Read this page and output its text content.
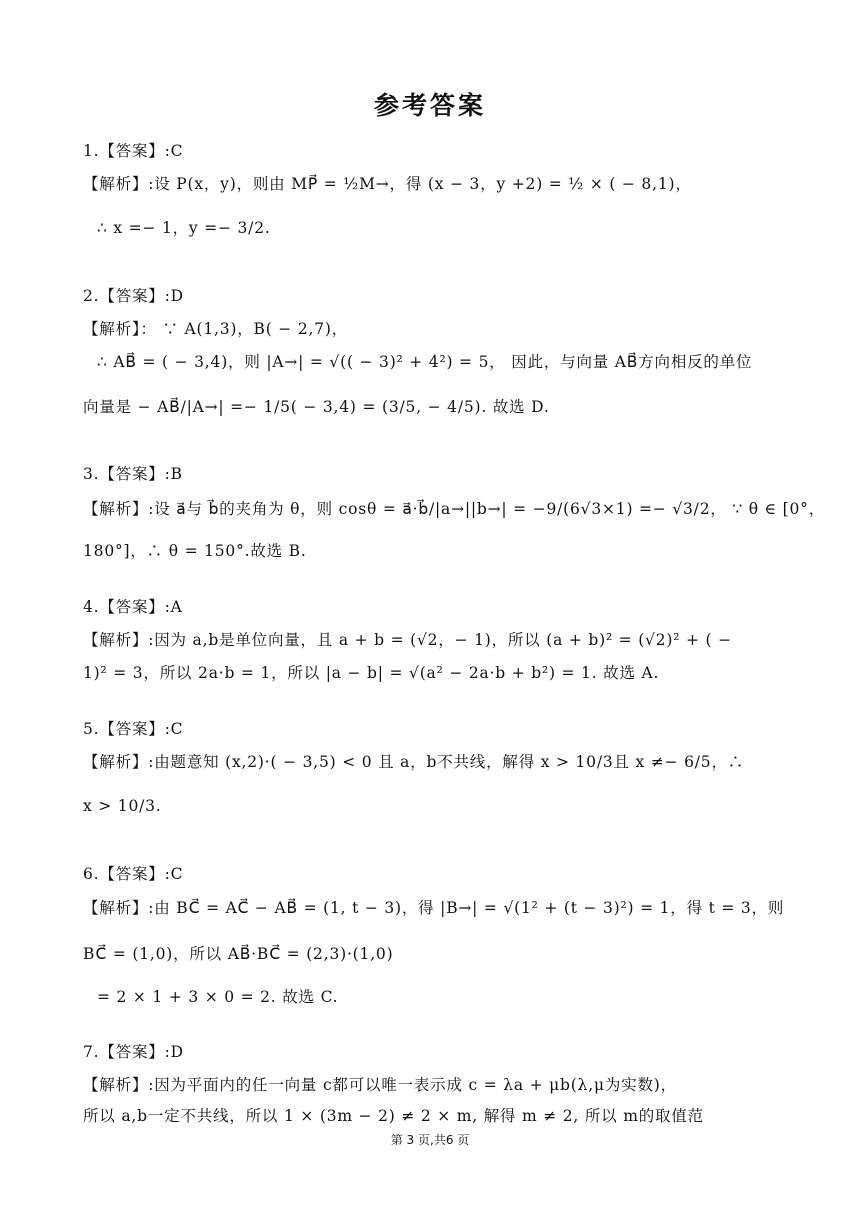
参考答案
1.【答案】:C
【解析】:设 P(x，y)，则由 MP⃗ = ½M→，得 (x − 3，y +2) = ½ × ( − 8,1)，
∴ x =− 1，y =− 3/2.
2.【答案】:D
【解析】： ∵ A(1,3)，B( − 2,7)，
∴ AB⃗ = ( − 3,4)，则 |A→| = √(( − 3)² + 4²) = 5， 因此，与向量 AB⃗方向相反的单位
向量是 − AB⃗/|A→| =− 1/5( − 3,4) = (3/5, − 4/5). 故选 D.
3.【答案】:B
【解析】:设 a⃗与 b⃗的夹角为 θ，则 cosθ = a⃗·b⃗/|a→||b→| = −9/(6√3×1) =− √3/2， ∵ θ ∈ [0°，
180°]，∴ θ = 150°.故选 B.
4.【答案】:A
【解析】:因为 a,b是单位向量，且 a + b = (√2，− 1)，所以 (a + b)² = (√2)² + ( −
1)² = 3，所以 2a·b = 1，所以 |a − b| = √(a² − 2a·b + b²) = 1. 故选 A.
5.【答案】:C
【解析】:由题意知 (x,2)·( − 3,5) < 0 且 a，b不共线，解得 x > 10/3且 x ≠− 6/5，∴
x > 10/3.
6.【答案】:C
【解析】:由 BC⃗ = AC⃗ − AB⃗ = (1, t − 3)，得 |B→| = √(1² + (t − 3)²) = 1，得 t = 3，则
BC⃗ = (1,0)，所以 AB⃗·BC⃗ = (2,3)·(1,0)
= 2 × 1 + 3 × 0 = 2. 故选 C.
7.【答案】:D
【解析】:因为平面内的任一向量 c都可以唯一表示成 c = λa + μb(λ,μ为实数)，
所以 a,b一定不共线，所以 1 × (3m − 2) ≠ 2 × m, 解得 m ≠ 2, 所以 m的取值范
第 3 页,共6 页
